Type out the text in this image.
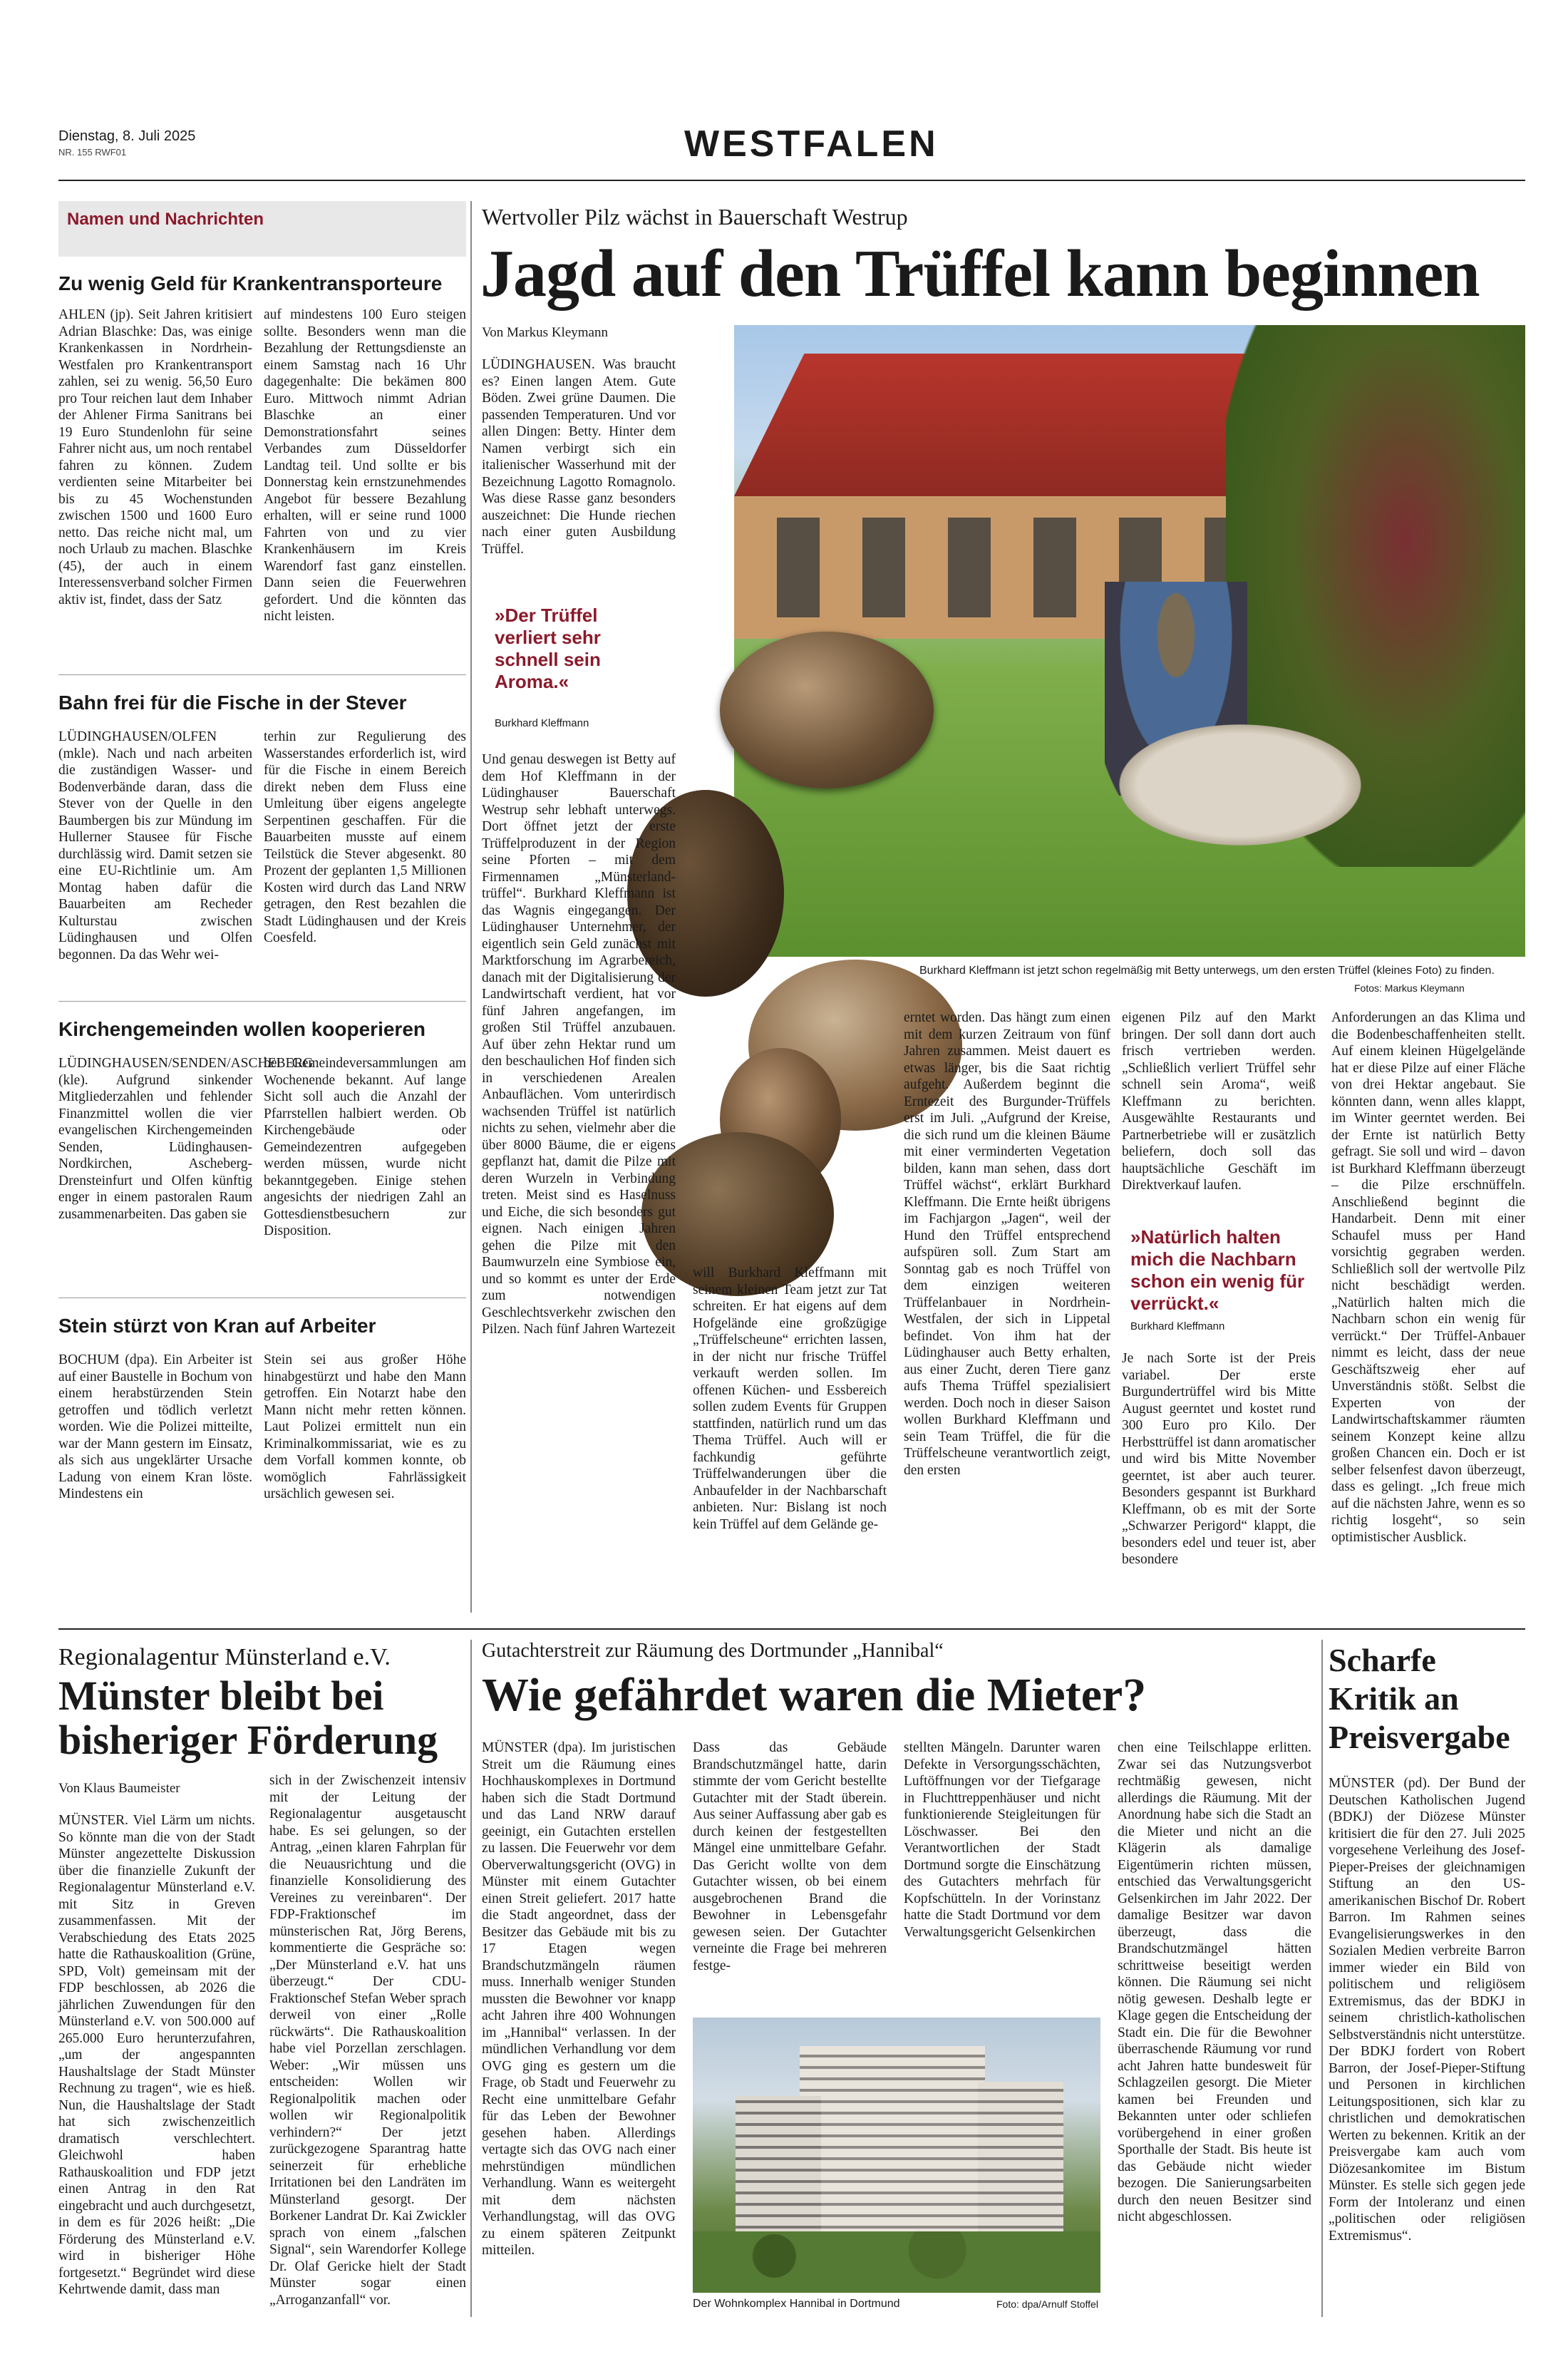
Dienstag, 8. Juli 2025
NR. 155 RWF01	WESTFALEN
Namen und Nachrichten
Zu wenig Geld für Krankentransporteure

AHLEN (jp). Seit Jahren kritisiert Adrian Blaschke: Das, was einige Krankenkassen in Nordrhein-Westfalen pro Krankentransport zahlen, sei zu wenig. 56,50 Euro pro Tour reichen laut dem Inhaber der Ahlener Firma Sanitrans bei 19 Euro Stundenlohn für seine Fahrer nicht aus, um noch rentabel fahren zu können. Zudem verdienten seine Mitarbeiter bei bis zu 45 Wochenstunden zwischen 1500 und 1600 Euro netto. Das reiche nicht mal, um noch Urlaub zu machen. Blaschke (45), der auch in einem Interessensverband solcher Firmen aktiv ist, findet, dass der Satz

auf mindestens 100 Euro steigen sollte. Besonders wenn man die Bezahlung der Rettungsdienste an einem Samstag nach 16 Uhr dagegenhalte: Die bekämen 800 Euro. Mittwoch nimmt Adrian Blaschke an einer Demonstrationsfahrt seines Verbandes zum Düsseldorfer Landtag teil. Und sollte er bis Donnerstag kein ernstzunehmendes Angebot für bessere Bezahlung erhalten, will er seine rund 1000 Fahrten von und zu vier Krankenhäusern im Kreis Warendorf fast ganz einstellen. Dann seien die Feuerwehren gefordert. Und die könnten das nicht leisten.

Bahn frei für die Fische in der Stever

LÜDINGHAUSEN/OLFEN (mkle). Nach und nach arbeiten die zuständigen Wasser- und Bodenverbände daran, dass die Stever von der Quelle in den Baumbergen bis zur Mündung im Hullerner Stausee für Fische durchlässig wird. Damit setzen sie eine EU-Richtlinie um. Am Montag haben dafür die Bauarbeiten am Recheder Kulturstau zwischen Lüdinghausen und Olfen begonnen. Da das Wehr wei-

terhin zur Regulierung des Wasserstandes erforderlich ist, wird für die Fische in einem Bereich direkt neben dem Fluss eine Umleitung über eigens angelegte Serpentinen geschaffen. Für die Bauarbeiten musste auf einem Teilstück die Stever abgesenkt. 80 Prozent der geplanten 1,5 Millionen Kosten wird durch das Land NRW getragen, den Rest bezahlen die Stadt Lüdinghausen und der Kreis Coesfeld.

Kirchengemeinden wollen kooperieren

LÜDINGHAUSEN/SENDEN/ASCHEBERG (kle). Aufgrund sinkender Mitgliederzahlen und fehlender Finanzmittel wollen die vier evangelischen Kirchengemeinden Senden, Lüdinghausen-Nordkirchen, Ascheberg-Drensteinfurt und Olfen künftig enger in einem pastoralen Raum zusammenarbeiten. Das gaben sie

bei Gemeindeversammlungen am Wochenende bekannt. Auf lange Sicht soll auch die Anzahl der Pfarrstellen halbiert werden. Ob Kirchengebäude oder Gemeindezentren aufgegeben werden müssen, wurde nicht bekanntgegeben. Einige stehen angesichts der niedrigen Zahl an Gottesdienstbesuchern zur Disposition.

Stein stürzt von Kran auf Arbeiter

BOCHUM (dpa). Ein Arbeiter ist auf einer Baustelle in Bochum von einem herabstürzenden Stein getroffen und tödlich verletzt worden. Wie die Polizei mitteilte, war der Mann gestern im Einsatz, als sich aus ungeklärter Ursache Ladung von einem Kran löste. Mindestens ein

Stein sei aus großer Höhe hinabgestürzt und habe den Mann getroffen. Ein Notarzt habe den Mann nicht mehr retten können. Laut Polizei ermittelt nun ein Kriminalkommissariat, wie es zu dem Vorfall kommen konnte, ob womöglich Fahrlässigkeit ursächlich gewesen sei.

Wertvoller Pilz wächst in Bauerschaft Westrup
Jagd auf den Trüffel kann beginnen
Von Markus Kleymann

LÜDINGHAUSEN. Was braucht es? Einen langen Atem. Gute Böden. Zwei grüne Daumen. Die passenden Temperaturen. Und vor allen Dingen: Betty. Hinter dem Namen verbirgt sich ein italienischer Wasserhund mit der Bezeichnung Lagotto Romagnolo. Was diese Rasse ganz besonders auszeichnet: Die Hunde riechen nach einer guten Ausbildung Trüffel.

»Der Trüffel verliert sehr schnell sein Aroma.«
Burkhard Kleffmann
Burkhard Kleffmann ist jetzt schon regelmäßig mit Betty unterwegs, um den ersten Trüffel (kleines Foto) zu finden.
Fotos: Markus Kleymann

Und genau deswegen ist Betty auf dem Hof Kleffmann in der Lüdinghauser Bauerschaft Westrup sehr lebhaft unterwegs. Dort öffnet jetzt der erste Trüffelproduzent in der Region seine Pforten – mit dem Firmennamen „Münsterland-trüffel“. Burkhard Kleffmann ist das Wagnis eingegangen. Der Lüdinghauser Unternehmer, der eigentlich sein Geld zunächst mit Marktforschung im Agrarbereich, danach mit der Digitalisierung der Landwirtschaft verdient, hat vor fünf Jahren angefangen, im großen Stil Trüffel anzubauen. Auf über zehn Hektar rund um den beschaulichen Hof finden sich in verschiedenen Arealen Anbauflächen. Vom unterirdisch wachsenden Trüffel ist natürlich nichts zu sehen, vielmehr aber die über 8000 Bäume, die er eigens gepflanzt hat, damit die Pilze mit deren Wurzeln in Verbindung treten. Meist sind es Haselnuss und Eiche, die sich besonders gut eignen. Nach einigen Jahren gehen die Pilze mit den Baumwurzeln eine Symbiose ein, und so kommt es unter der Erde zum notwendigen Geschlechtsverkehr zwischen den Pilzen. Nach fünf Jahren Wartezeit

will Burkhard Kleffmann mit seinem kleinen Team jetzt zur Tat schreiten. Er hat eigens auf dem Hofgelände eine großzügige „Trüffelscheune“ errichten lassen, in der nicht nur frische Trüffel verkauft werden sollen. Im offenen Küchen- und Essbereich sollen zudem Events für Gruppen stattfinden, natürlich rund um das Thema Trüffel. Auch will er fachkundig geführte Trüffelwanderungen über die Anbaufelder in der Nachbarschaft anbieten. Nur: Bislang ist noch kein Trüffel auf dem Gelände ge-

erntet worden. Das hängt zum einen mit dem kurzen Zeitraum von fünf Jahren zusammen. Meist dauert es etwas länger, bis die Saat richtig aufgeht. Außerdem beginnt die Erntezeit des Burgunder-Trüffels erst im Juli. „Aufgrund der Kreise, die sich rund um die kleinen Bäume mit einer verminderten Vegetation bilden, kann man sehen, dass dort Trüffel wächst“, erklärt Burkhard Kleffmann. Die Ernte heißt übrigens im Fachjargon „Jagen“, weil der Hund den Trüffel entsprechend aufspüren soll. Zum Start am Sonntag gab es noch Trüffel von dem einzigen weiteren Trüffelanbauer in Nordrhein-Westfalen, der sich in Lippetal befindet. Von ihm hat der Lüdinghauser auch Betty erhalten, aus einer Zucht, deren Tiere ganz aufs Thema Trüffel spezialisiert werden. Doch noch in dieser Saison wollen Burkhard Kleffmann und sein Team Trüffel, die für die Trüffelscheune verantwortlich zeigt, den ersten

eigenen Pilz auf den Markt bringen. Der soll dann dort auch frisch vertrieben werden. „Schließlich verliert Trüffel sehr schnell sein Aroma“, weiß Kleffmann zu berichten. Ausgewählte Restaurants und Partnerbetriebe will er zusätzlich beliefern, doch soll das hauptsächliche Geschäft im Direktverkauf laufen.

»Natürlich halten mich die Nachbarn schon ein wenig für verrückt.«
Burkhard Kleffmann

Je nach Sorte ist der Preis variabel. Der erste Burgundertrüffel wird bis Mitte August geerntet und kostet rund 300 Euro pro Kilo. Der Herbsttrüffel ist dann aromatischer und wird bis Mitte November geerntet, ist aber auch teurer. Besonders gespannt ist Burkhard Kleffmann, ob es mit der Sorte „Schwarzer Perigord“ klappt, die besonders edel und teuer ist, aber besondere

Anforderungen an das Klima und die Bodenbeschaffenheiten stellt. Auf einem kleinen Hügelgelände hat er diese Pilze auf einer Fläche von drei Hektar angebaut. Sie könnten dann, wenn alles klappt, im Winter geerntet werden. Bei der Ernte ist natürlich Betty gefragt. Sie soll und wird – davon ist Burkhard Kleffmann überzeugt – die Pilze erschnüffeln. Anschließend beginnt die Handarbeit. Denn mit einer Schaufel muss per Hand vorsichtig gegraben werden. Schließlich soll der wertvolle Pilz nicht beschädigt werden. „Natürlich halten mich die Nachbarn schon ein wenig für verrückt.“ Der Trüffel-Anbauer nimmt es leicht, dass der neue Geschäftszweig eher auf Unverständnis stößt. Selbst die Experten von der Landwirtschaftskammer räumten seinem Konzept keine allzu großen Chancen ein. Doch er ist selber felsenfest davon überzeugt, dass es gelingt. „Ich freue mich auf die nächsten Jahre, wenn es so richtig losgeht“, so sein optimistischer Ausblick.

Regionalagentur Münsterland e.V.
Münster bleibt bei bisheriger Förderung
Von Klaus Baumeister

MÜNSTER. Viel Lärm um nichts. So könnte man die von der Stadt Münster angezettelte Diskussion über die finanzielle Zukunft der Regionalagentur Münsterland e.V. mit Sitz in Greven zusammenfassen. Mit der Verabschiedung des Etats 2025 hatte die Rathauskoalition (Grüne, SPD, Volt) gemeinsam mit der FDP beschlossen, ab 2026 die jährlichen Zuwendungen für den Münsterland e.V. von 500.000 auf 265.000 Euro herunterzufahren, „um der angespannten Haushaltslage der Stadt Münster Rechnung zu tragen“, wie es hieß. Nun, die Haushaltslage der Stadt hat sich zwischenzeitlich dramatisch verschlechtert. Gleichwohl haben Rathauskoalition und FDP jetzt einen Antrag in den Rat eingebracht und auch durchgesetzt, in dem es für 2026 heißt: „Die Förderung des Münsterland e.V. wird in bisheriger Höhe fortgesetzt.“ Begründet wird diese Kehrtwende damit, dass man

sich in der Zwischenzeit intensiv mit der Leitung der Regionalagentur ausgetauscht habe. Es sei gelungen, so der Antrag, „einen klaren Fahrplan für die Neuausrichtung und die finanzielle Konsolidierung des Vereines zu vereinbaren“. Der FDP-Fraktionschef im münsterischen Rat, Jörg Berens, kommentierte die Gespräche so: „Der Münsterland e.V. hat uns überzeugt.“ Der CDU-Fraktionschef Stefan Weber sprach derweil von einer „Rolle rückwärts“. Die Rathauskoalition habe viel Porzellan zerschlagen. Weber: „Wir müssen uns entscheiden: Wollen wir Regionalpolitik machen oder wollen wir Regionalpolitik verhindern?“ Der jetzt zurückgezogene Sparantrag hatte seinerzeit für erhebliche Irritationen bei den Landräten im Münsterland gesorgt. Der Borkener Landrat Dr. Kai Zwickler sprach von einem „falschen Signal“, sein Warendorfer Kollege Dr. Olaf Gericke hielt der Stadt Münster sogar einen „Arroganzanfall“ vor.

Gutachterstreit zur Räumung des Dortmunder „Hannibal“
Wie gefährdet waren die Mieter?

MÜNSTER (dpa). Im juristischen Streit um die Räumung eines Hochhauskomplexes in Dortmund haben sich die Stadt Dortmund und das Land NRW darauf geeinigt, ein Gutachten erstellen zu lassen. Die Feuerwehr vor dem Oberverwaltungsgericht (OVG) in Münster mit einem Gutachter einen Streit geliefert. 2017 hatte die Stadt angeordnet, dass der Besitzer das Gebäude mit bis zu 17 Etagen wegen Brandschutzmängeln räumen muss. Innerhalb weniger Stunden mussten die Bewohner vor knapp acht Jahren ihre 400 Wohnungen im „Hannibal“ verlassen. In der mündlichen Verhandlung vor dem OVG ging es gestern um die Frage, ob Stadt und Feuerwehr zu Recht eine unmittelbare Gefahr für das Leben der Bewohner gesehen haben. Allerdings vertagte sich das OVG nach einer mehrstündigen mündlichen Verhandlung. Wann es weitergeht mit dem nächsten Verhandlungstag, will das OVG zu einem späteren Zeitpunkt mitteilen.

Dass das Gebäude Brandschutzmängel hatte, darin stimmte der vom Gericht bestellte Gutachter mit der Stadt überein. Aus seiner Auffassung aber gab es durch keinen der festgestellten Mängel eine unmittelbare Gefahr. Das Gericht wollte von dem Gutachter wissen, ob bei einem ausgebrochenen Brand die Bewohner in Lebensgefahr gewesen seien. Der Gutachter verneinte die Frage bei mehreren festge-

stellten Mängeln. Darunter waren Defekte in Versorgungsschächten, Luftöffnungen vor der Tiefgarage in Fluchttreppenhäuser und nicht funktionierende Steigleitungen für Löschwasser. Bei den Verantwortlichen der Stadt Dortmund sorgte die Einschätzung des Gutachters mehrfach für Kopfschütteln. In der Vorinstanz hatte die Stadt Dortmund vor dem Verwaltungsgericht Gelsenkirchen

chen eine Teilschlappe erlitten. Zwar sei das Nutzungsverbot rechtmäßig gewesen, nicht allerdings die Räumung. Mit der Anordnung habe sich die Stadt an die Mieter und nicht an die Klägerin als damalige Eigentümerin richten müssen, entschied das Verwaltungsgericht Gelsenkirchen im Jahr 2022. Der damalige Besitzer war davon überzeugt, dass die Brandschutzmängel hätten schrittweise beseitigt werden können. Die Räumung sei nicht nötig gewesen. Deshalb legte er Klage gegen die Entscheidung der Stadt ein. Die für die Bewohner überraschende Räumung vor rund acht Jahren hatte bundesweit für Schlagzeilen gesorgt. Die Mieter kamen bei Freunden und Bekannten unter oder schliefen vorübergehend in einer großen Sporthalle der Stadt. Bis heute ist das Gebäude nicht wieder bezogen. Die Sanierungsarbeiten durch den neuen Besitzer sind nicht abgeschlossen.

Der Wohnkomplex Hannibal in Dortmund	Foto: dpa/Arnulf Stoffel
Scharfe Kritik an Preisvergabe

MÜNSTER (pd). Der Bund der Deutschen Katholischen Jugend (BDKJ) der Diözese Münster kritisiert die für den 27. Juli 2025 vorgesehene Verleihung des Josef-Pieper-Preises der gleichnamigen Stiftung an den US-amerikanischen Bischof Dr. Robert Barron. Im Rahmen seines Evangelisierungswerkes in den Sozialen Medien verbreite Barron immer wieder ein Bild von politischem und religiösem Extremismus, das der BDKJ in seinem christlich-katholischen Selbstverständnis nicht unterstütze. Der BDKJ fordert von Robert Barron, der Josef-Pieper-Stiftung und Personen in kirchlichen Leitungspositionen, sich klar zu christlichen und demokratischen Werten zu bekennen. Kritik an der Preisvergabe kam auch vom Diözesankomitee im Bistum Münster. Es stelle sich gegen jede Form der Intoleranz und einen „politischen oder religiösen Extremismus“.
